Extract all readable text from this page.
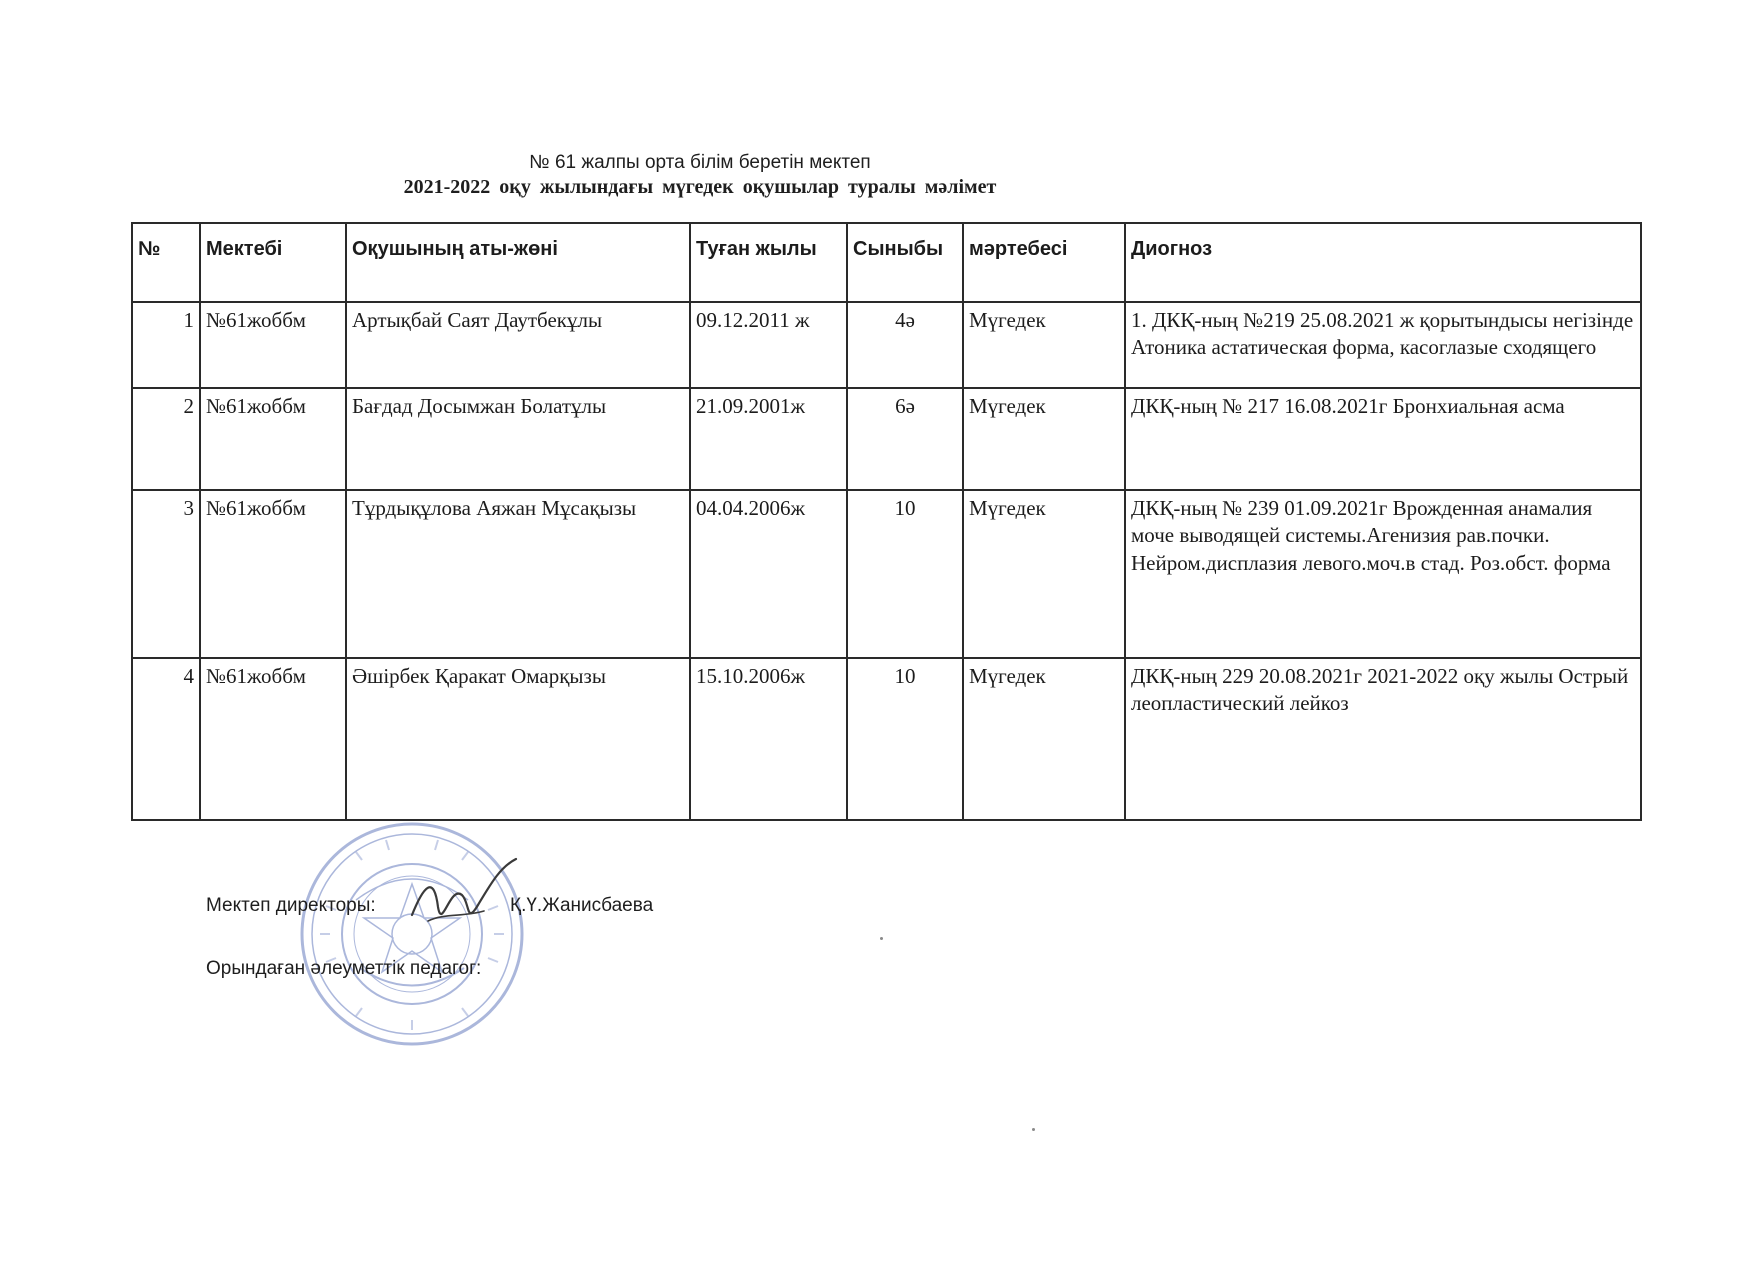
№ 61 жалпы орта білім беретін мектеп
2021-2022 оқу жылындағы мүгедек оқушылар туралы мәлімет
№	Мектебі	Оқушының аты-жөні	Туған жылы	Сыныбы	мәртебесі	Диогноз
1	№61жоббм	Артықбай Саят Даутбекұлы	09.12.2011 ж	4ә	Мүгедек	1. ДКҚ-ның №219 25.08.2021 ж қорытындысы негізінде Атоника астатическая форма, касоглазые сходящего
2	№61жоббм	Бағдад Досымжан Болатұлы	21.09.2001ж	6ә	Мүгедек	ДКҚ-ның № 217 16.08.2021г Бронхиальная асма
3	№61жоббм	Тұрдықұлова Аяжан Мұсақызы	04.04.2006ж	10	Мүгедек	ДКҚ-ның № 239 01.09.2021г Врожденная анамалия моче выводящей системы.Агенизия рав.почки. Нейром.дисплазия левого.моч.в стад. Роз.обст. форма
4	№61жоббм	Әшірбек Қаракат Омарқызы	15.10.2006ж	10	Мүгедек	ДКҚ-ның 229 20.08.2021г 2021-2022 оқу жылы Острый леопластический лейкоз
Мектеп директоры:	Қ.Ү.Жанисбаева
Орындаған әлеуметтік педагог:
